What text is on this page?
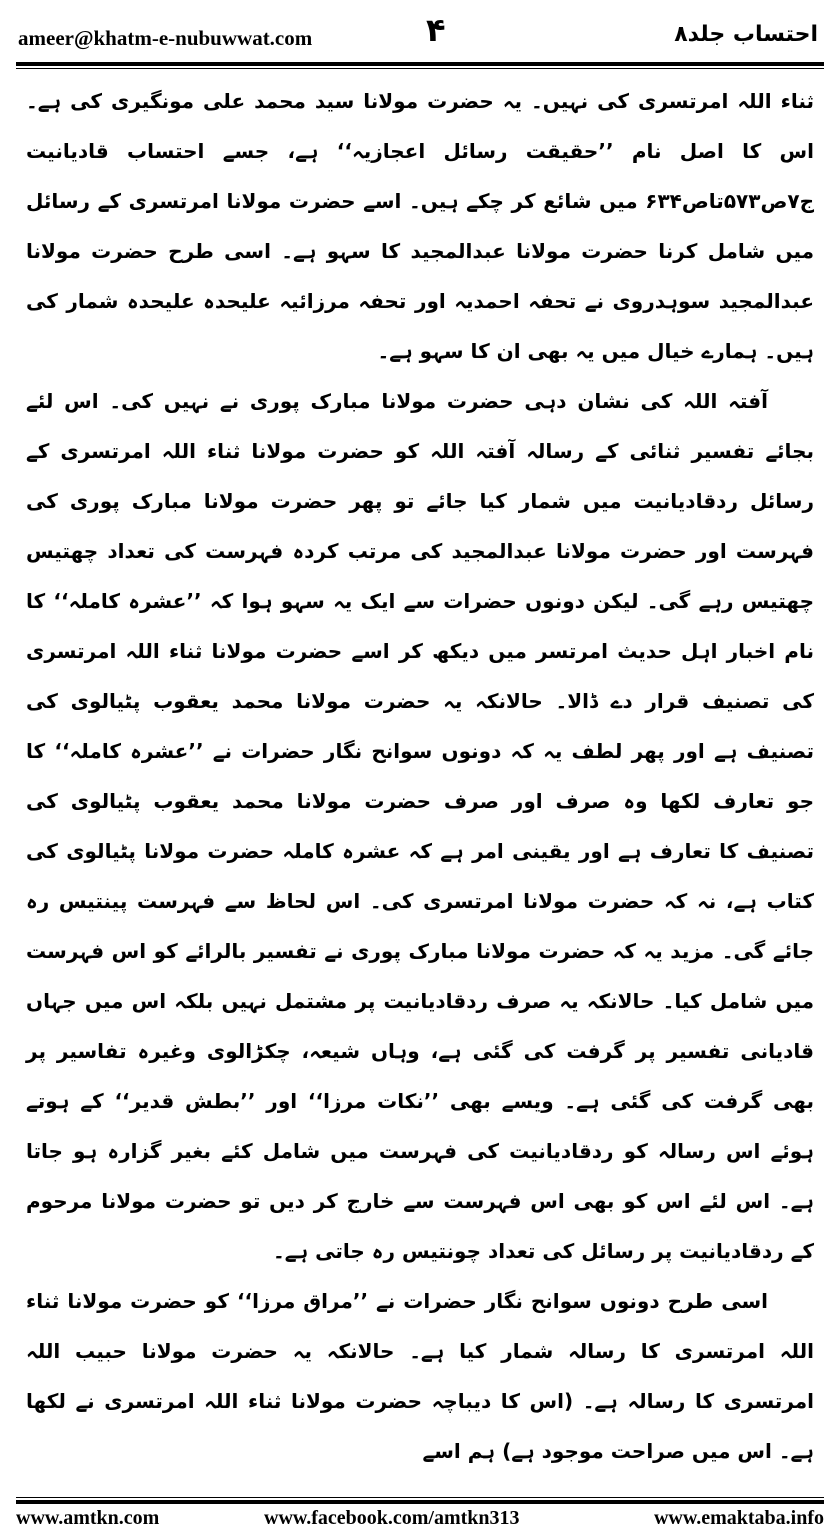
ameer@khatm-e-nubuwwat.com	۴	احتساب جلد۸

ثناء اللہ امرتسری کی نہیں۔ یہ حضرت مولانا سید محمد علی مونگیری کی ہے۔ اس کا اصل نام ’’حقیقت رسائل اعجازیہ‘‘ ہے، جسے احتساب قادیانیت ج۷ص۵۷۳تاص۶۳۴ میں شائع کر چکے ہیں۔ اسے حضرت مولانا امرتسری کے رسائل میں شامل کرنا حضرت مولانا عبدالمجید کا سہو ہے۔ اسی طرح حضرت مولانا عبدالمجید سوہدروی نے تحفہ احمدیہ اور تحفہ مرزائیہ علیحدہ علیحدہ شمار کی ہیں۔ ہمارے خیال میں یہ بھی ان کا سہو ہے۔

آفتہ اللہ کی نشان دہی حضرت مولانا مبارک پوری نے نہیں کی۔ اس لئے بجائے تفسیر ثنائی کے رسالہ آفتہ اللہ کو حضرت مولانا ثناء اللہ امرتسری کے رسائل ردقادیانیت میں شمار کیا جائے تو پھر حضرت مولانا مبارک پوری کی فہرست اور حضرت مولانا عبدالمجید کی مرتب کردہ فہرست کی تعداد چھتیس چھتیس رہے گی۔ لیکن دونوں حضرات سے ایک یہ سہو ہوا کہ ’’عشرہ کاملہ‘‘ کا نام اخبار اہل حدیث امرتسر میں دیکھ کر اسے حضرت مولانا ثناء اللہ امرتسری کی تصنیف قرار دے ڈالا۔ حالانکہ یہ حضرت مولانا محمد یعقوب پٹیالوی کی تصنیف ہے اور پھر لطف یہ کہ دونوں سوانح نگار حضرات نے ’’عشرہ کاملہ‘‘ کا جو تعارف لکھا وہ صرف اور صرف حضرت مولانا محمد یعقوب پٹیالوی کی تصنیف کا تعارف ہے اور یقینی امر ہے کہ عشرہ کاملہ حضرت مولانا پٹیالوی کی کتاب ہے، نہ کہ حضرت مولانا امرتسری کی۔ اس لحاظ سے فہرست پینتیس رہ جائے گی۔ مزید یہ کہ حضرت مولانا مبارک پوری نے تفسیر بالرائے کو اس فہرست میں شامل کیا۔ حالانکہ یہ صرف ردقادیانیت پر مشتمل نہیں بلکہ اس میں جہاں قادیانی تفسیر پر گرفت کی گئی ہے، وہاں شیعہ، چکڑالوی وغیرہ تفاسیر پر بھی گرفت کی گئی ہے۔ ویسے بھی ’’نکات مرزا‘‘ اور ’’بطش قدیر‘‘ کے ہوتے ہوئے اس رسالہ کو ردقادیانیت کی فہرست میں شامل کئے بغیر گزارہ ہو جاتا ہے۔ اس لئے اس کو بھی اس فہرست سے خارج کر دیں تو حضرت مولانا مرحوم کے ردقادیانیت پر رسائل کی تعداد چونتیس رہ جاتی ہے۔

اسی طرح دونوں سوانح نگار حضرات نے ’’مراق مرزا‘‘ کو حضرت مولانا ثناء اللہ امرتسری کا رسالہ شمار کیا ہے۔ حالانکہ یہ حضرت مولانا حبیب اللہ امرتسری کا رسالہ ہے۔ (اس کا دیباچہ حضرت مولانا ثناء اللہ امرتسری نے لکھا ہے۔ اس میں صراحت موجود ہے) ہم اسے

www.amtkn.com	www.facebook.com/amtkn313	www.emaktaba.info
